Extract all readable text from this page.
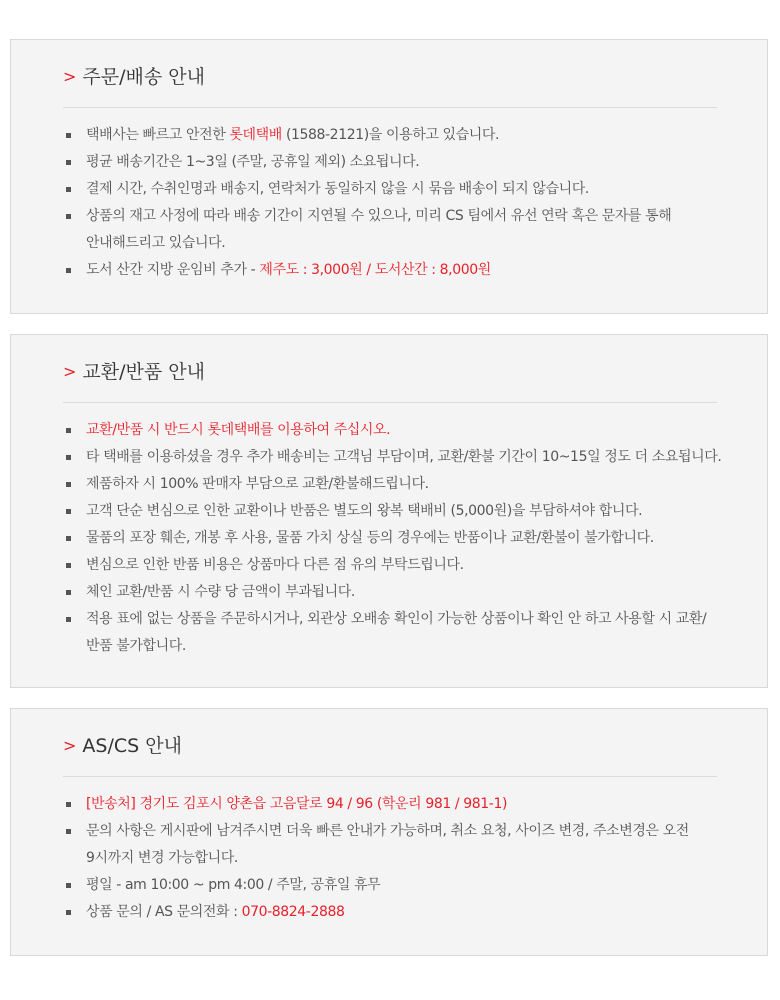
> 주문/배송 안내
택배사는 빠르고 안전한 롯데택배 (1588-2121)을 이용하고 있습니다.
평균 배송기간은 1~3일 (주말, 공휴일 제외) 소요됩니다.
결제 시간, 수취인명과 배송지, 연락처가 동일하지 않을 시 묶음 배송이 되지 않습니다.
상품의 재고 사정에 따라 배송 기간이 지연될 수 있으나, 미리 CS 팀에서 유선 연락 혹은 문자를 통해 안내해드리고 있습니다.
도서 산간 지방 운임비 추가 - 제주도 : 3,000원 / 도서산간 : 8,000원
> 교환/반품 안내
교환/반품 시 반드시 롯데택배를 이용하여 주십시오.
타 택배를 이용하셨을 경우 추가 배송비는 고객님 부담이며, 교환/환불 기간이 10~15일 정도 더 소요됩니다.
제품하자 시 100% 판매자 부담으로 교환/환불해드립니다.
고객 단순 변심으로 인한 교환이나 반품은 별도의 왕복 택배비 (5,000원)을 부담하셔야 합니다.
물품의 포장 훼손, 개봉 후 사용, 물품 가치 상실 등의 경우에는 반품이나 교환/환불이 불가합니다.
변심으로 인한 반품 비용은 상품마다 다른 점 유의 부탁드립니다.
체인 교환/반품 시 수량 당 금액이 부과됩니다.
적용 표에 없는 상품을 주문하시거나, 외관상 오배송 확인이 가능한 상품이나 확인 안 하고 사용할 시 교환/반품 불가합니다.
> AS/CS 안내
[반송처] 경기도 김포시 양촌읍 고음달로 94 / 96 (학운리 981 / 981-1)
문의 사항은 게시판에 남겨주시면 더욱 빠른 안내가 가능하며, 취소 요청, 사이즈 변경, 주소변경은 오전 9시까지 변경 가능합니다.
평일 - am 10:00 ~ pm 4:00 / 주말, 공휴일 휴무
상품 문의 / AS 문의전화 : 070-8824-2888
